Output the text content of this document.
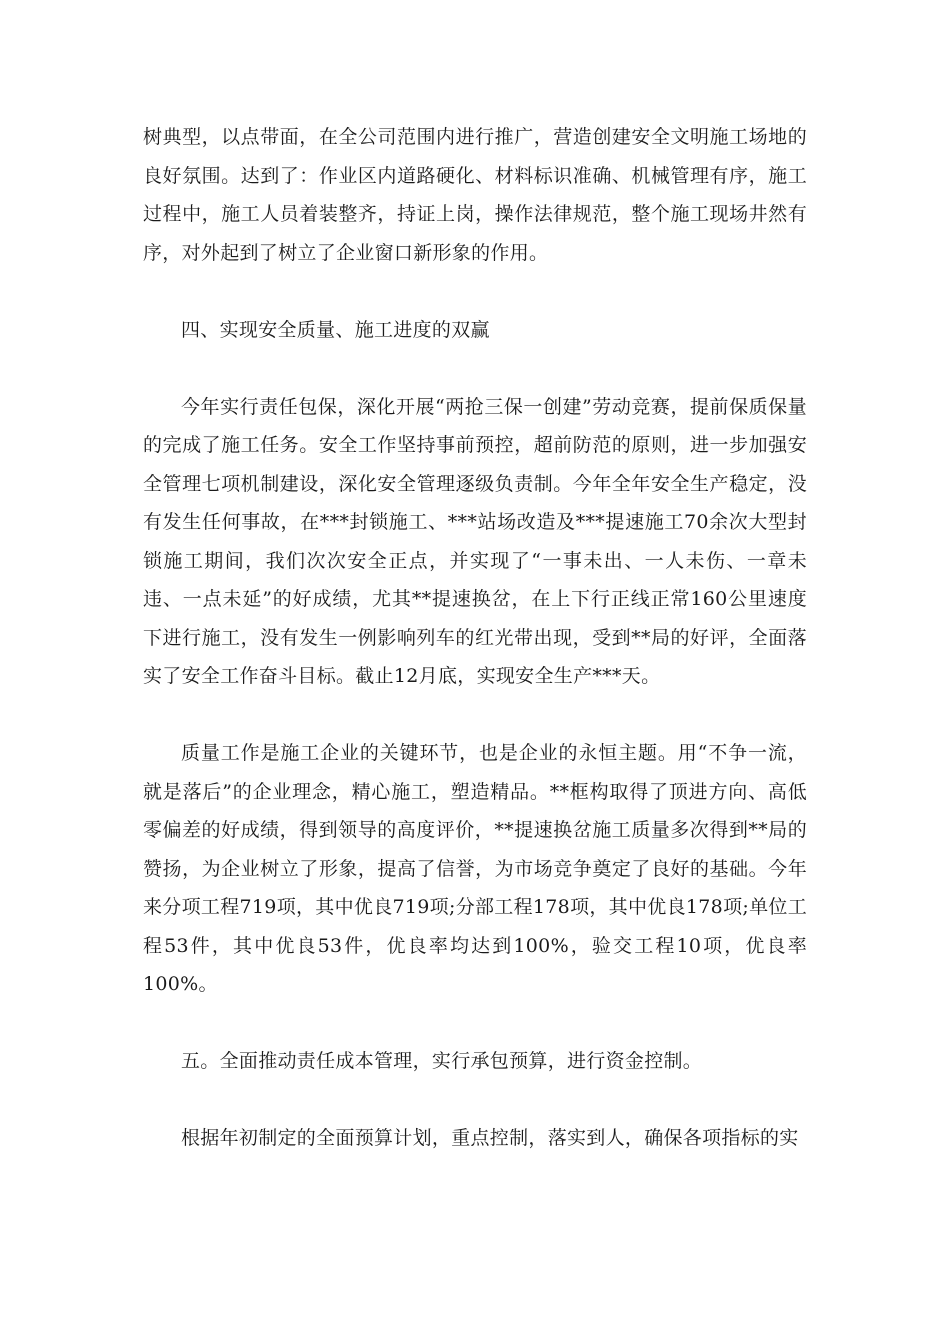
树典型，以点带面，在全公司范围内进行推广，营造创建安全文明施工场地的良好氛围。达到了：作业区内道路硬化、材料标识准确、机械管理有序，施工过程中，施工人员着装整齐，持证上岗，操作法律规范，整个施工现场井然有序，对外起到了树立了企业窗口新形象的作用。

四、实现安全质量、施工进度的双赢

今年实行责任包保，深化开展“两抢三保一创建”劳动竞赛，提前保质保量的完成了施工任务。安全工作坚持事前预控，超前防范的原则，进一步加强安全管理七项机制建设，深化安全管理逐级负责制。今年全年安全生产稳定，没有发生任何事故，在***封锁施工、***站场改造及***提速施工70余次大型封锁施工期间，我们次次安全正点，并实现了“一事未出、一人未伤、一章未违、一点未延”的好成绩，尤其**提速换岔，在上下行正线正常160公里速度下进行施工，没有发生一例影响列车的红光带出现，受到**局的好评，全面落实了安全工作奋斗目标。截止12月底，实现安全生产***天。

质量工作是施工企业的关键环节，也是企业的永恒主题。用“不争一流，就是落后”的企业理念，精心施工，塑造精品。**框构取得了顶进方向、高低零偏差的好成绩，得到领导的高度评价，**提速换岔施工质量多次得到**局的赞扬，为企业树立了形象，提高了信誉，为市场竞争奠定了良好的基础。今年来分项工程719项，其中优良719项;分部工程178项，其中优良178项;单位工程53件，其中优良53件，优良率均达到100%，验交工程10项，优良率100%。

五。全面推动责任成本管理，实行承包预算，进行资金控制。

根据年初制定的全面预算计划，重点控制，落实到人，确保各项指标的实
